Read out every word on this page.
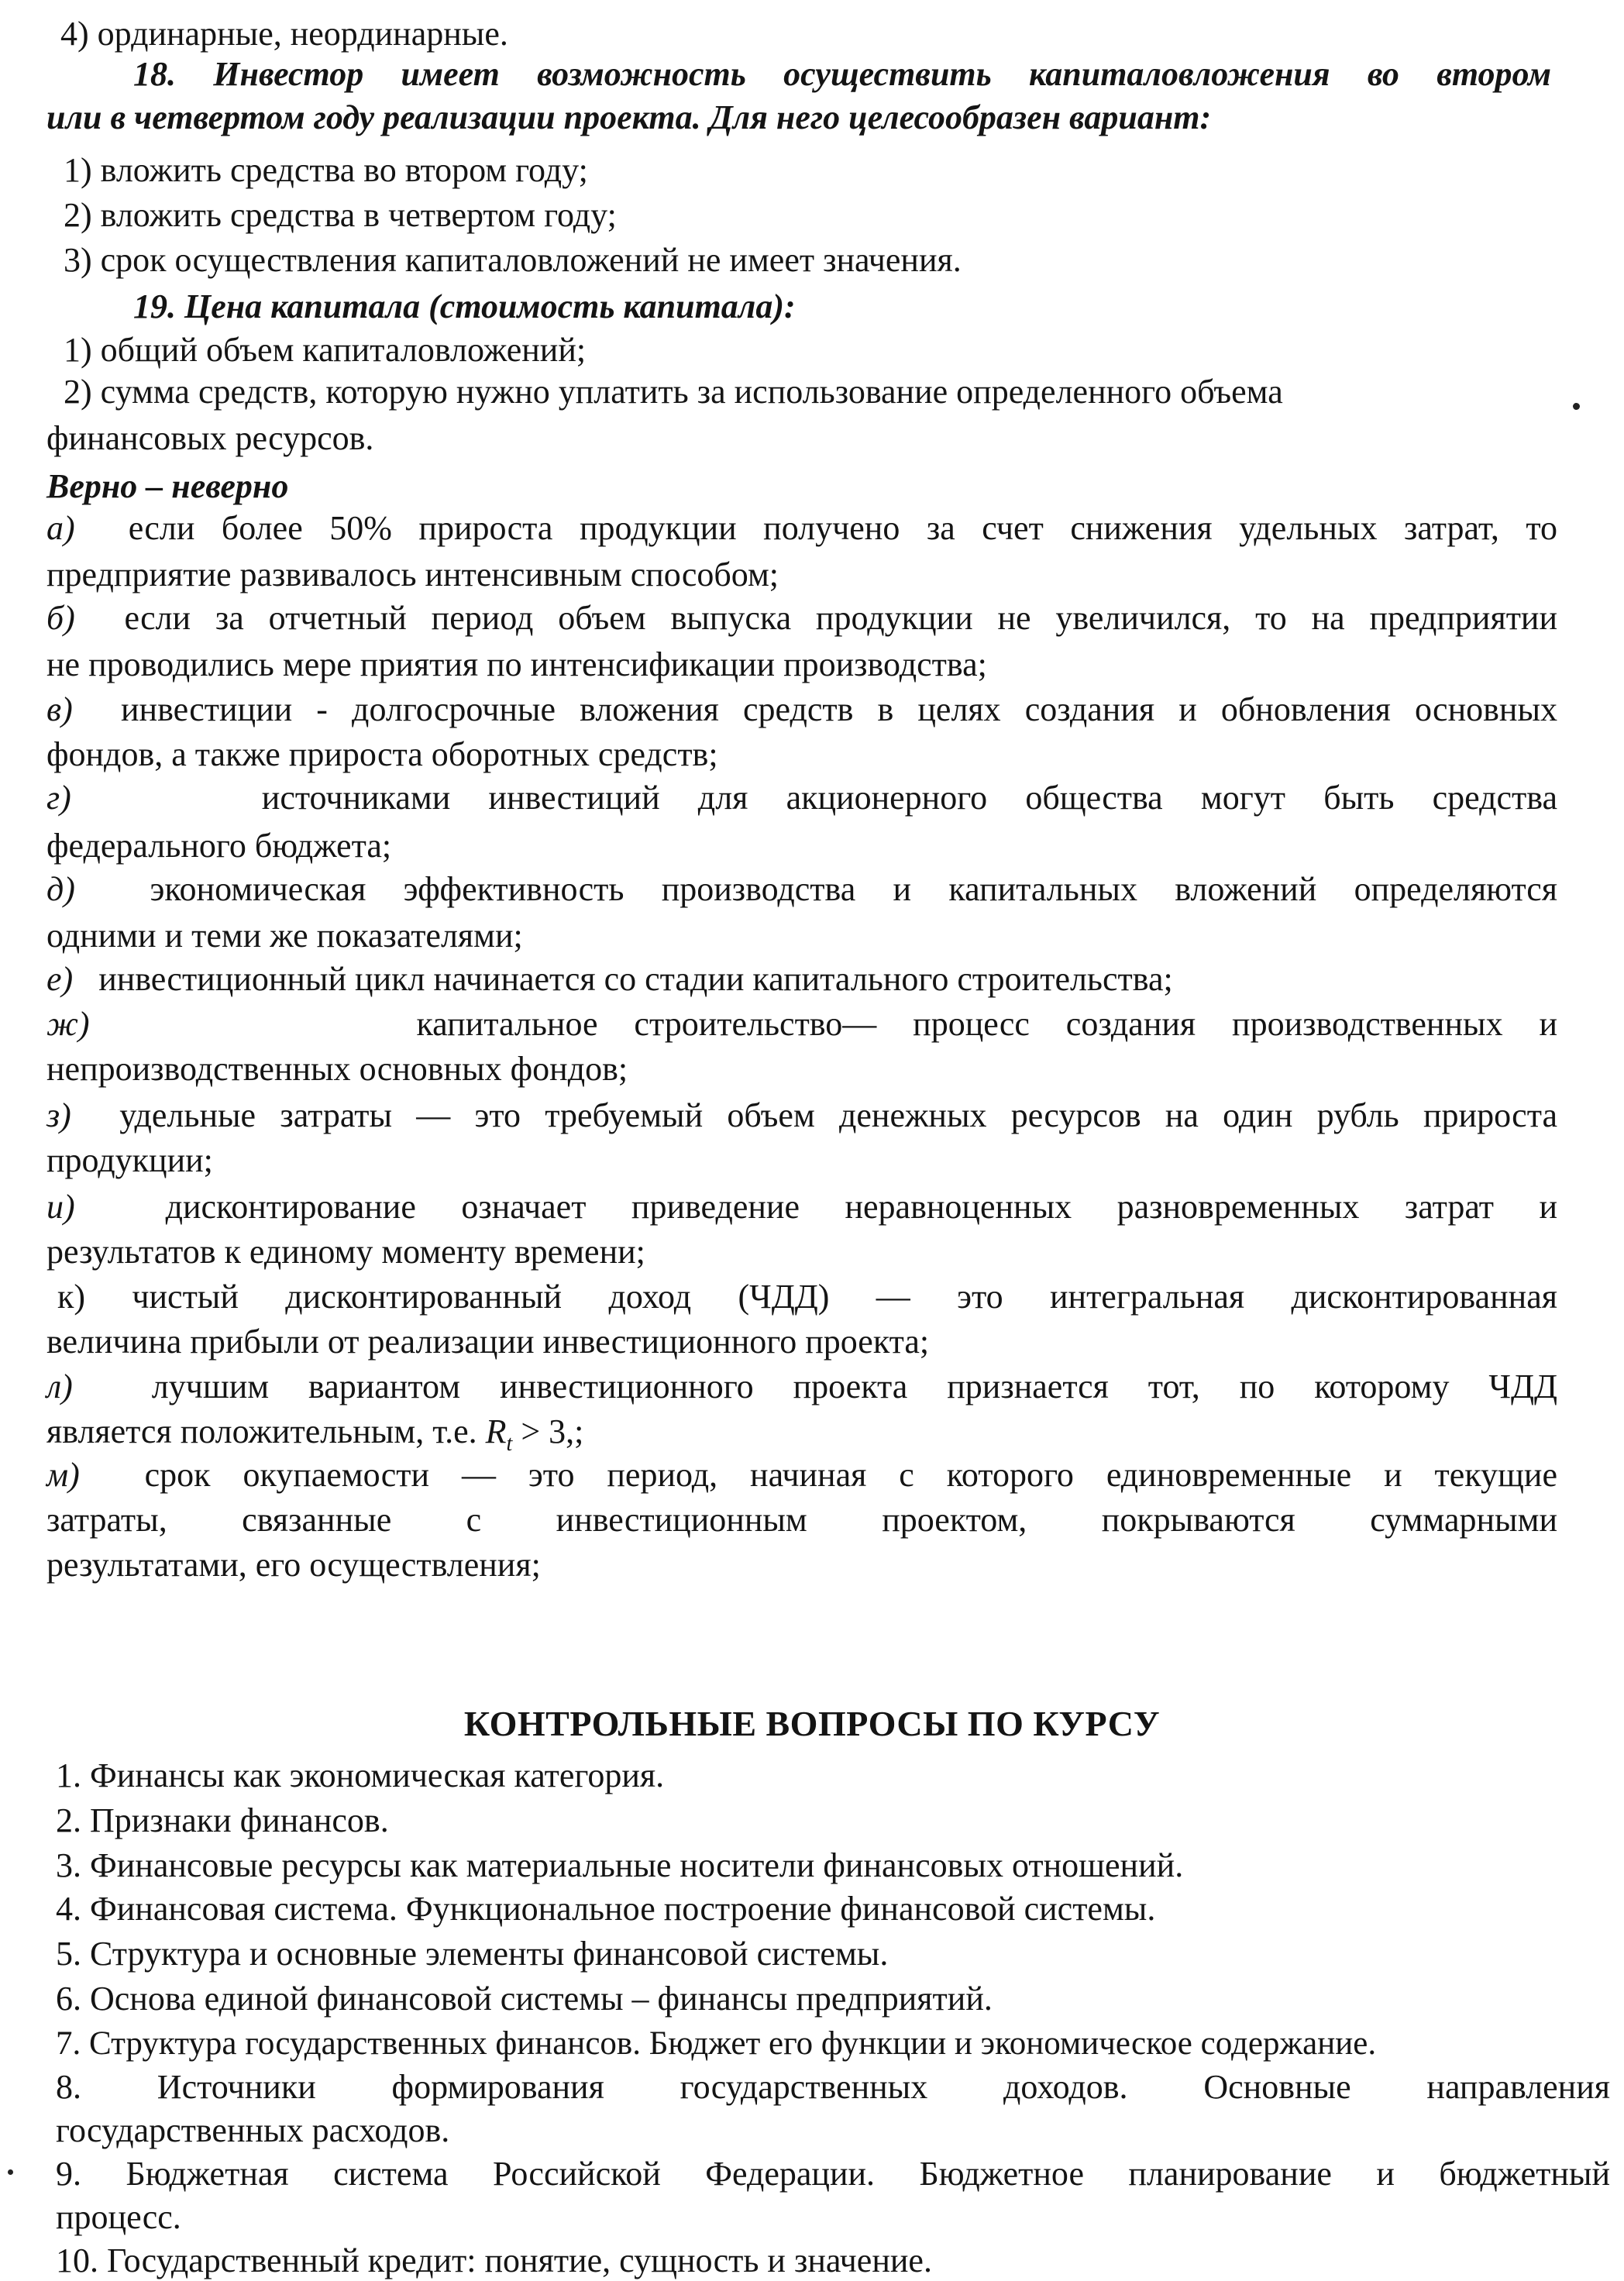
4) ординарные, неординарные.

18. Инвестор имеет возможность осуществить капиталовложения во втором

или в четвертом году реализации проекта. Для него целесообразен вариант:

1) вложить средства во втором году;

2) вложить средства в четвертом году;

3) срок осуществления капиталовложений не имеет значения.

19. Цена капитала (стоимость капитала):

1) общий объем капиталовложений;

2) сумма средств, которую нужно уплатить за использование определенного объема

финансовых ресурсов.

Верно – неверно

а) если более 50% прироста продукции получено за счет снижения удельных затрат, то

предприятие развивалось интенсивным способом;

б) если за отчетный период объем выпуска продукции не увеличился, то на предприятии

не проводились мере приятия по интенсификации производства;

в) инвестиции - долгосрочные вложения средств в целях создания и обновления основных

фондов, а также прироста оборотных средств;

г)	источниками инвестиций для акционерного общества могут быть средства

федерального бюджета;

д) экономическая эффективность производства и капитальных вложений определяются

одними и теми же показателями;

е) инвестиционный цикл начинается со стадии капитального строительства;
ж)	капитальное строительство— процесс создания производственных и

непроизводственных основных фондов;

з) удельные затраты — это требуемый объем денежных ресурсов на один рубль прироста

продукции;

и)	дисконтирование означает приведение неравноценных разновременных затрат и

результатов к единому моменту времени;

к) чистый дисконтированный доход (ЧДД) — это интегральная дисконтированная

величина прибыли от реализации инвестиционного проекта;

л) лучшим вариантом инвестиционного проекта признается тот, по которому ЧДД
является положительным, т.е. $R_t > 3$,;
м) срок окупаемости — это период, начиная с которого единовременные и текущие

затраты, связанные с инвестиционным проектом, покрываются суммарными

результатами, его осуществления;

КОНТРОЛЬНЫЕ ВОПРОСЫ ПО КУРСУ

1. Финансы как экономическая категория.

2. Признаки финансов.

3. Финансовые ресурсы как материальные носители финансовых отношений.

4. Финансовая система. Функциональное построение финансовой системы.

5. Структура и основные элементы финансовой системы.

6. Основа единой финансовой системы – финансы предприятий.

7. Структура государственных финансов. Бюджет его функции и экономическое содержание.

8. Источники формирования государственных доходов. Основные направления

государственных расходов.

9. Бюджетная система Российской Федерации. Бюджетное планирование и бюджетный

процесс.

10. Государственный кредит: понятие, сущность и значение.
